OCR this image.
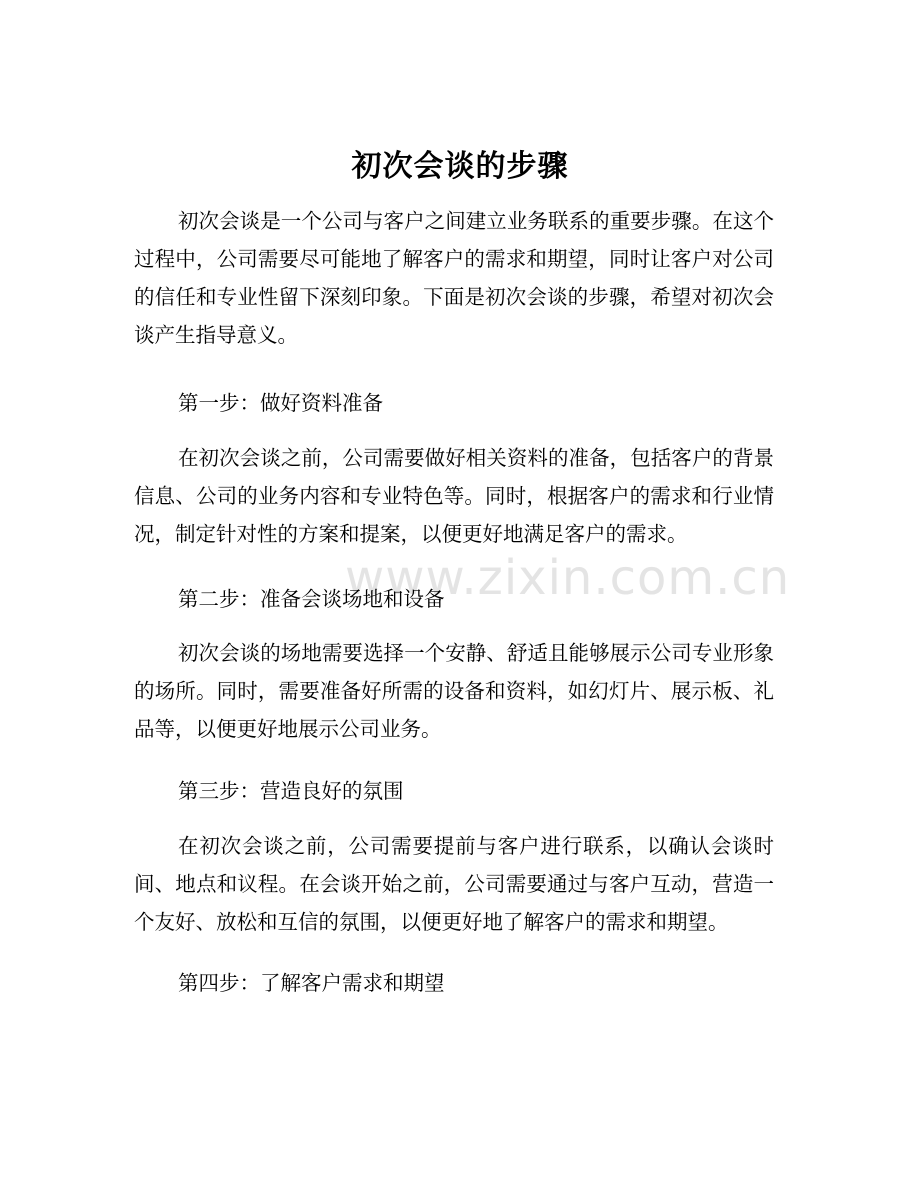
www.zixin.com.cn
初次会谈的步骤
初次会谈是一个公司与客户之间建立业务联系的重要步骤。在这个过程中，公司需要尽可能地了解客户的需求和期望，同时让客户对公司的信任和专业性留下深刻印象。下面是初次会谈的步骤，希望对初次会谈产生指导意义。
第一步：做好资料准备
在初次会谈之前，公司需要做好相关资料的准备，包括客户的背景信息、公司的业务内容和专业特色等。同时，根据客户的需求和行业情况，制定针对性的方案和提案，以便更好地满足客户的需求。
第二步：准备会谈场地和设备
初次会谈的场地需要选择一个安静、舒适且能够展示公司专业形象的场所。同时，需要准备好所需的设备和资料，如幻灯片、展示板、礼品等，以便更好地展示公司业务。
第三步：营造良好的氛围
在初次会谈之前，公司需要提前与客户进行联系，以确认会谈时间、地点和议程。在会谈开始之前，公司需要通过与客户互动，营造一个友好、放松和互信的氛围，以便更好地了解客户的需求和期望。
第四步：了解客户需求和期望
